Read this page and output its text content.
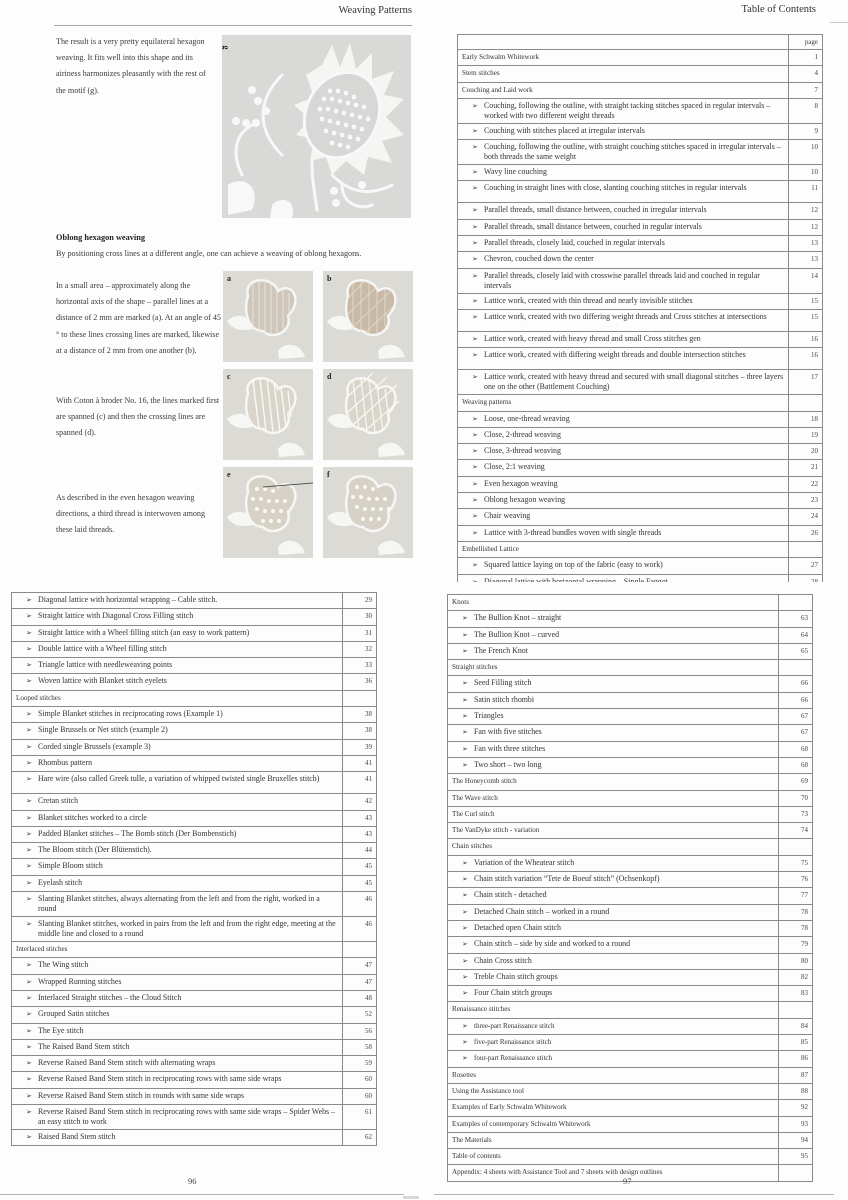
Weaving Patterns
The result is a very pretty equilateral hexagon weaving. It fits well into this shape and its airiness harmonizes pleasantly with the rest of the motif (g).
g
Oblong hexagon weaving
By positioning cross lines at a different angle, one can achieve a weaving of oblong hexagons.
In a small area – approximately along the horizontal axis of the shape – parallel lines at a distance of 2 mm are marked (a). At an angle of 45 ° to these lines crossing lines are marked, likewise at a distance of 2 mm from one another (b).
With Coton à broder No. 16, the lines marked first are spanned (c) and then the crossing lines are spanned (d).
As described in the even hexagon weaving directions, a third thread is interwoven among these laid threads.
a	b
c	d
e	f
Table of Contents
	page
Early Schwalm Whitework	1
Stem stitches	4
Couching and Laid work	7

➢ Couching, following the outline, with straight tacking stitches spaced in regular intervals – worked with two different weight threads	8

➢ Couching with stitches placed at irregular intervals	9

➢ Couching, following the outline, with straight couching stitches spaced in irregular intervals – both threads the same weight	10

➢ Wavy line couching	10

➢ Couching in straight lines with close, slanting couching stitches in regular intervals	11

➢ Parallel threads, small distance between, couched in irregular intervals	12

➢ Parallel threads, small distance between, couched in regular intervals	12

➢ Parallel threads, closely laid, couched in regular intervals	13

➢ Chevron, couched down the center	13

➢ Parallel threads, closely laid with crosswise parallel threads laid and couched in regular intervals	14

➢ Lattice work, created with thin thread and nearly invisible stitches	15

➢ Lattice work, created with two differing weight threads and Cross stitches at intersections	15

➢ Lattice work, created with heavy thread and small Cross stitches gen	16

➢ Lattice work, created with differing weight threads and double intersection stitches	16

➢ Lattice work, created with heavy thread and secured with small diagonal stitches – three layers one on the other (Battlement Couching)	17
Weaving patterns	

➢ Loose, one-thread weaving	18

➢ Close, 2-thread weaving	19

➢ Close, 3-thread weaving	20

➢ Close, 2:1 weaving	21

➢ Even hexagon weaving	22

➢ Oblong hexagon weaving	23

➢ Chair weaving	24

➢ Lattice with 3-thread bundles woven with single threads	26
Embellished Lattice	

➢ Squared lattice laying on top of the fabric (easy to work)	27

➢ Diagonal lattice with horizontal wrapping – Cable stitch.	29

➢ Straight lattice with Diagonal Cross Filling stitch	30

➢ Straight lattice with a Wheel filling stitch (an easy to work pattern)	31

➢ Double lattice with a Wheel filling stitch	32

➢ Triangle lattice with needleweaving points	33

➢ Woven lattice with Blanket stitch eyelets	36
Looped stitches	

➢ Simple Blanket stitches in reciprocating rows (Example 1)	38

➢ Single Brussels or Net stitch (example 2)	38

➢ Corded single Brussels (example 3)	39

➢ Rhombus pattern	41

➢ Hare wire (also called Greek tulle, a variation of whipped twisted single Bruxelles stitch)	41

➢ Cretan stitch	42

➢ Blanket stitches worked to a circle	43

➢ Padded Blanket stitches – The Bomb stitch (Der Bombenstich)	43

➢ The Bloom stitch (Der Blütenstich).	44

➢ Simple Bloom stitch	45

➢ Eyelash stitch	45

➢ Slanting Blanket stitches, always alternating from the left and from the right, worked in a round	46

➢ Slanting Blanket stitches, worked in pairs from the left and from the right edge, meeting at the middle line and closed to a round	46
Interlaced stitches	

➢ The Wing stitch	47

➢ Wrapped Running stitches	47

➢ Interlaced Straight stitches – the Cloud Stitch	48

➢ Grouped Satin stitches	52

➢ The Eye stitch	56

➢ The Raised Band Stem stitch	58

➢ Reverse Raised Band Stem stitch with alternating wraps	59

➢ Reverse Raised Band Stem stitch in reciprocating rows with same side wraps	60

➢ Reverse Raised Band Stem stitch in rounds with same side wraps	60

➢ Reverse Raised Band Stem stitch in reciprocating rows with same side wraps – Spider Webs – an easy stitch to work	61

➢ Raised Band Stem stitch	62
96
Knots	

➢ The Bullion Knot – straight	63

➢ The Bullion Knot – curved	64

➢ The French Knot	65
Straight stitches	

➢ Seed Filling stitch	66

➢ Satin stitch rhombi	66

➢ Triangles	67

➢ Fan with five stitches	67

➢ Fan with three stitches	68

➢ Two short – two long	68
The Honeycomb stitch	69
The Wave stitch	70
The Curl stitch	73
The VanDyke stitch - variation	74
Chain stitches	

➢ Variation of the Wheatear stitch	75

➢ Chain stitch variation “Tete de Boeuf stitch” (Ochsenkopf)	76

➢ Chain stitch - detached	77

➢ Detached Chain stitch – worked in a round	78

➢ Detached open Chain stitch	78

➢ Chain stitch – side by side and worked to a round	79

➢ Chain Cross stitch	80

➢ Treble Chain stitch groups	82

➢ Four Chain stitch groups	83
Renaissance stitches	

➢ three-part Renaissance stitch	84

➢ five-part Renaissance stitch	85

➢ four-part Renaissance stitch	86
Rosettes	87
Using the Assistance tool	88
Examples of Early Schwalm Whitework	92
Examples of contemporary Schwalm Whitework	93
The Materials	94
Table of contents	95
Appendix: 4 sheets with Assistance Tool and 7 sheets with design outlines	
97
